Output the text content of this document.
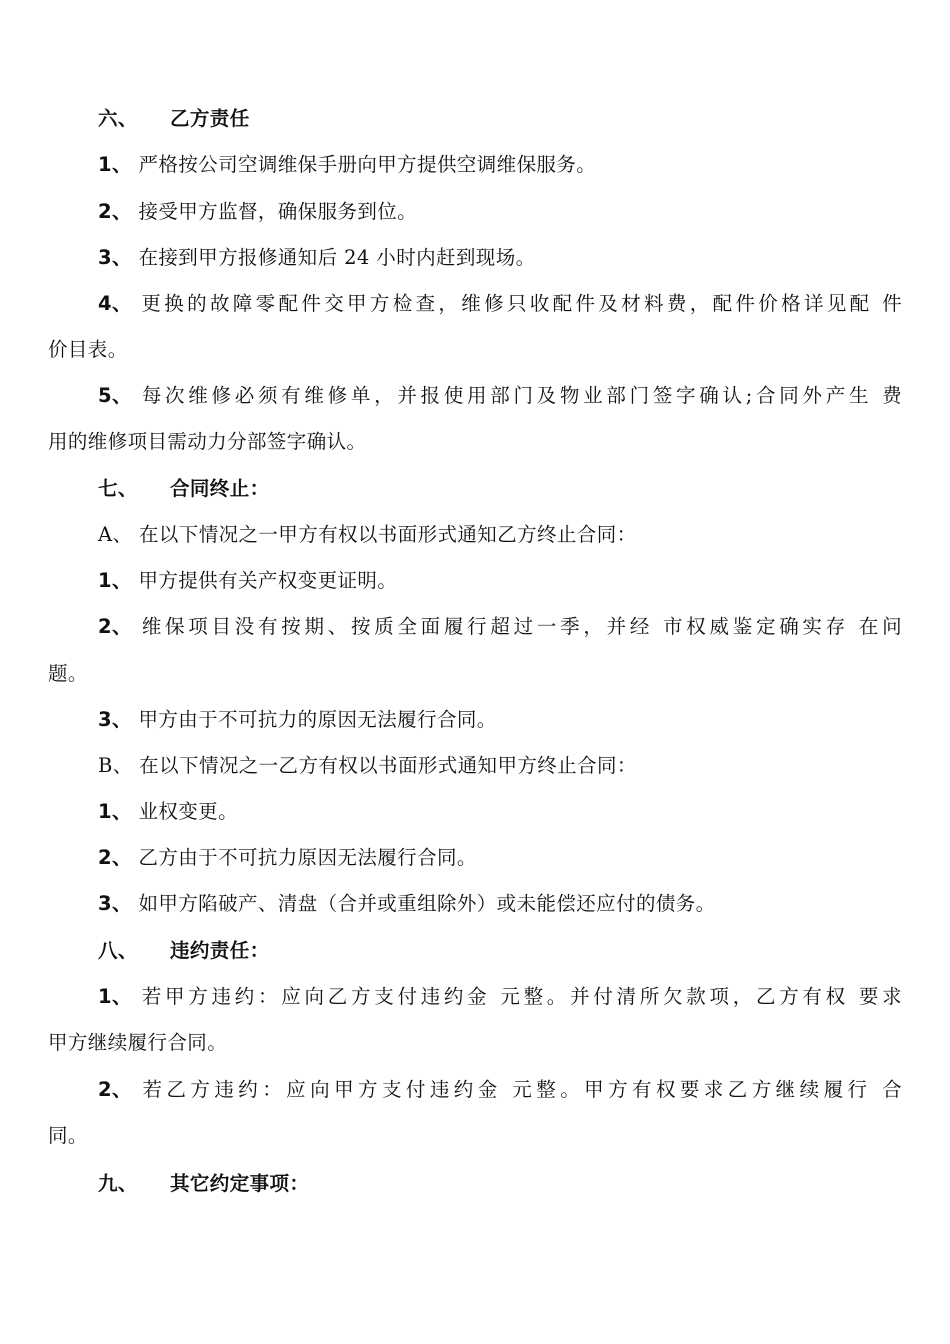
六、 乙方责任
1、 严格按公司空调维保手册向甲方提供空调维保服务。
2、 接受甲方监督，确保服务到位。
3、 在接到甲方报修通知后 24 小时内赶到现场。
4、 更换的故障零配件交甲方检查，维修只收配件及材料费，配件价格详见配 件
价目表。
5、 每次维修必须有维修单，并报使用部门及物业部门签字确认;合同外产生 费
用的维修项目需动力分部签字确认。
七、 合同终止：
A、 在以下情况之一甲方有权以书面形式通知乙方终止合同：
1、 甲方提供有关产权变更证明。
2、 维保项目没有按期、按质全面履行超过一季，并经 市权威鉴定确实存 在问
题。
3、 甲方由于不可抗力的原因无法履行合同。
B、 在以下情况之一乙方有权以书面形式通知甲方终止合同：
1、 业权变更。
2、 乙方由于不可抗力原因无法履行合同。
3、 如甲方陷破产、清盘（合并或重组除外）或未能偿还应付的债务。
八、 违约责任：
1、 若甲方违约：应向乙方支付违约金 元整。并付清所欠款项，乙方有权 要求
甲方继续履行合同。
2、 若乙方违约：应向甲方支付违约金 元整。甲方有权要求乙方继续履行 合
同。
九、 其它约定事项：
